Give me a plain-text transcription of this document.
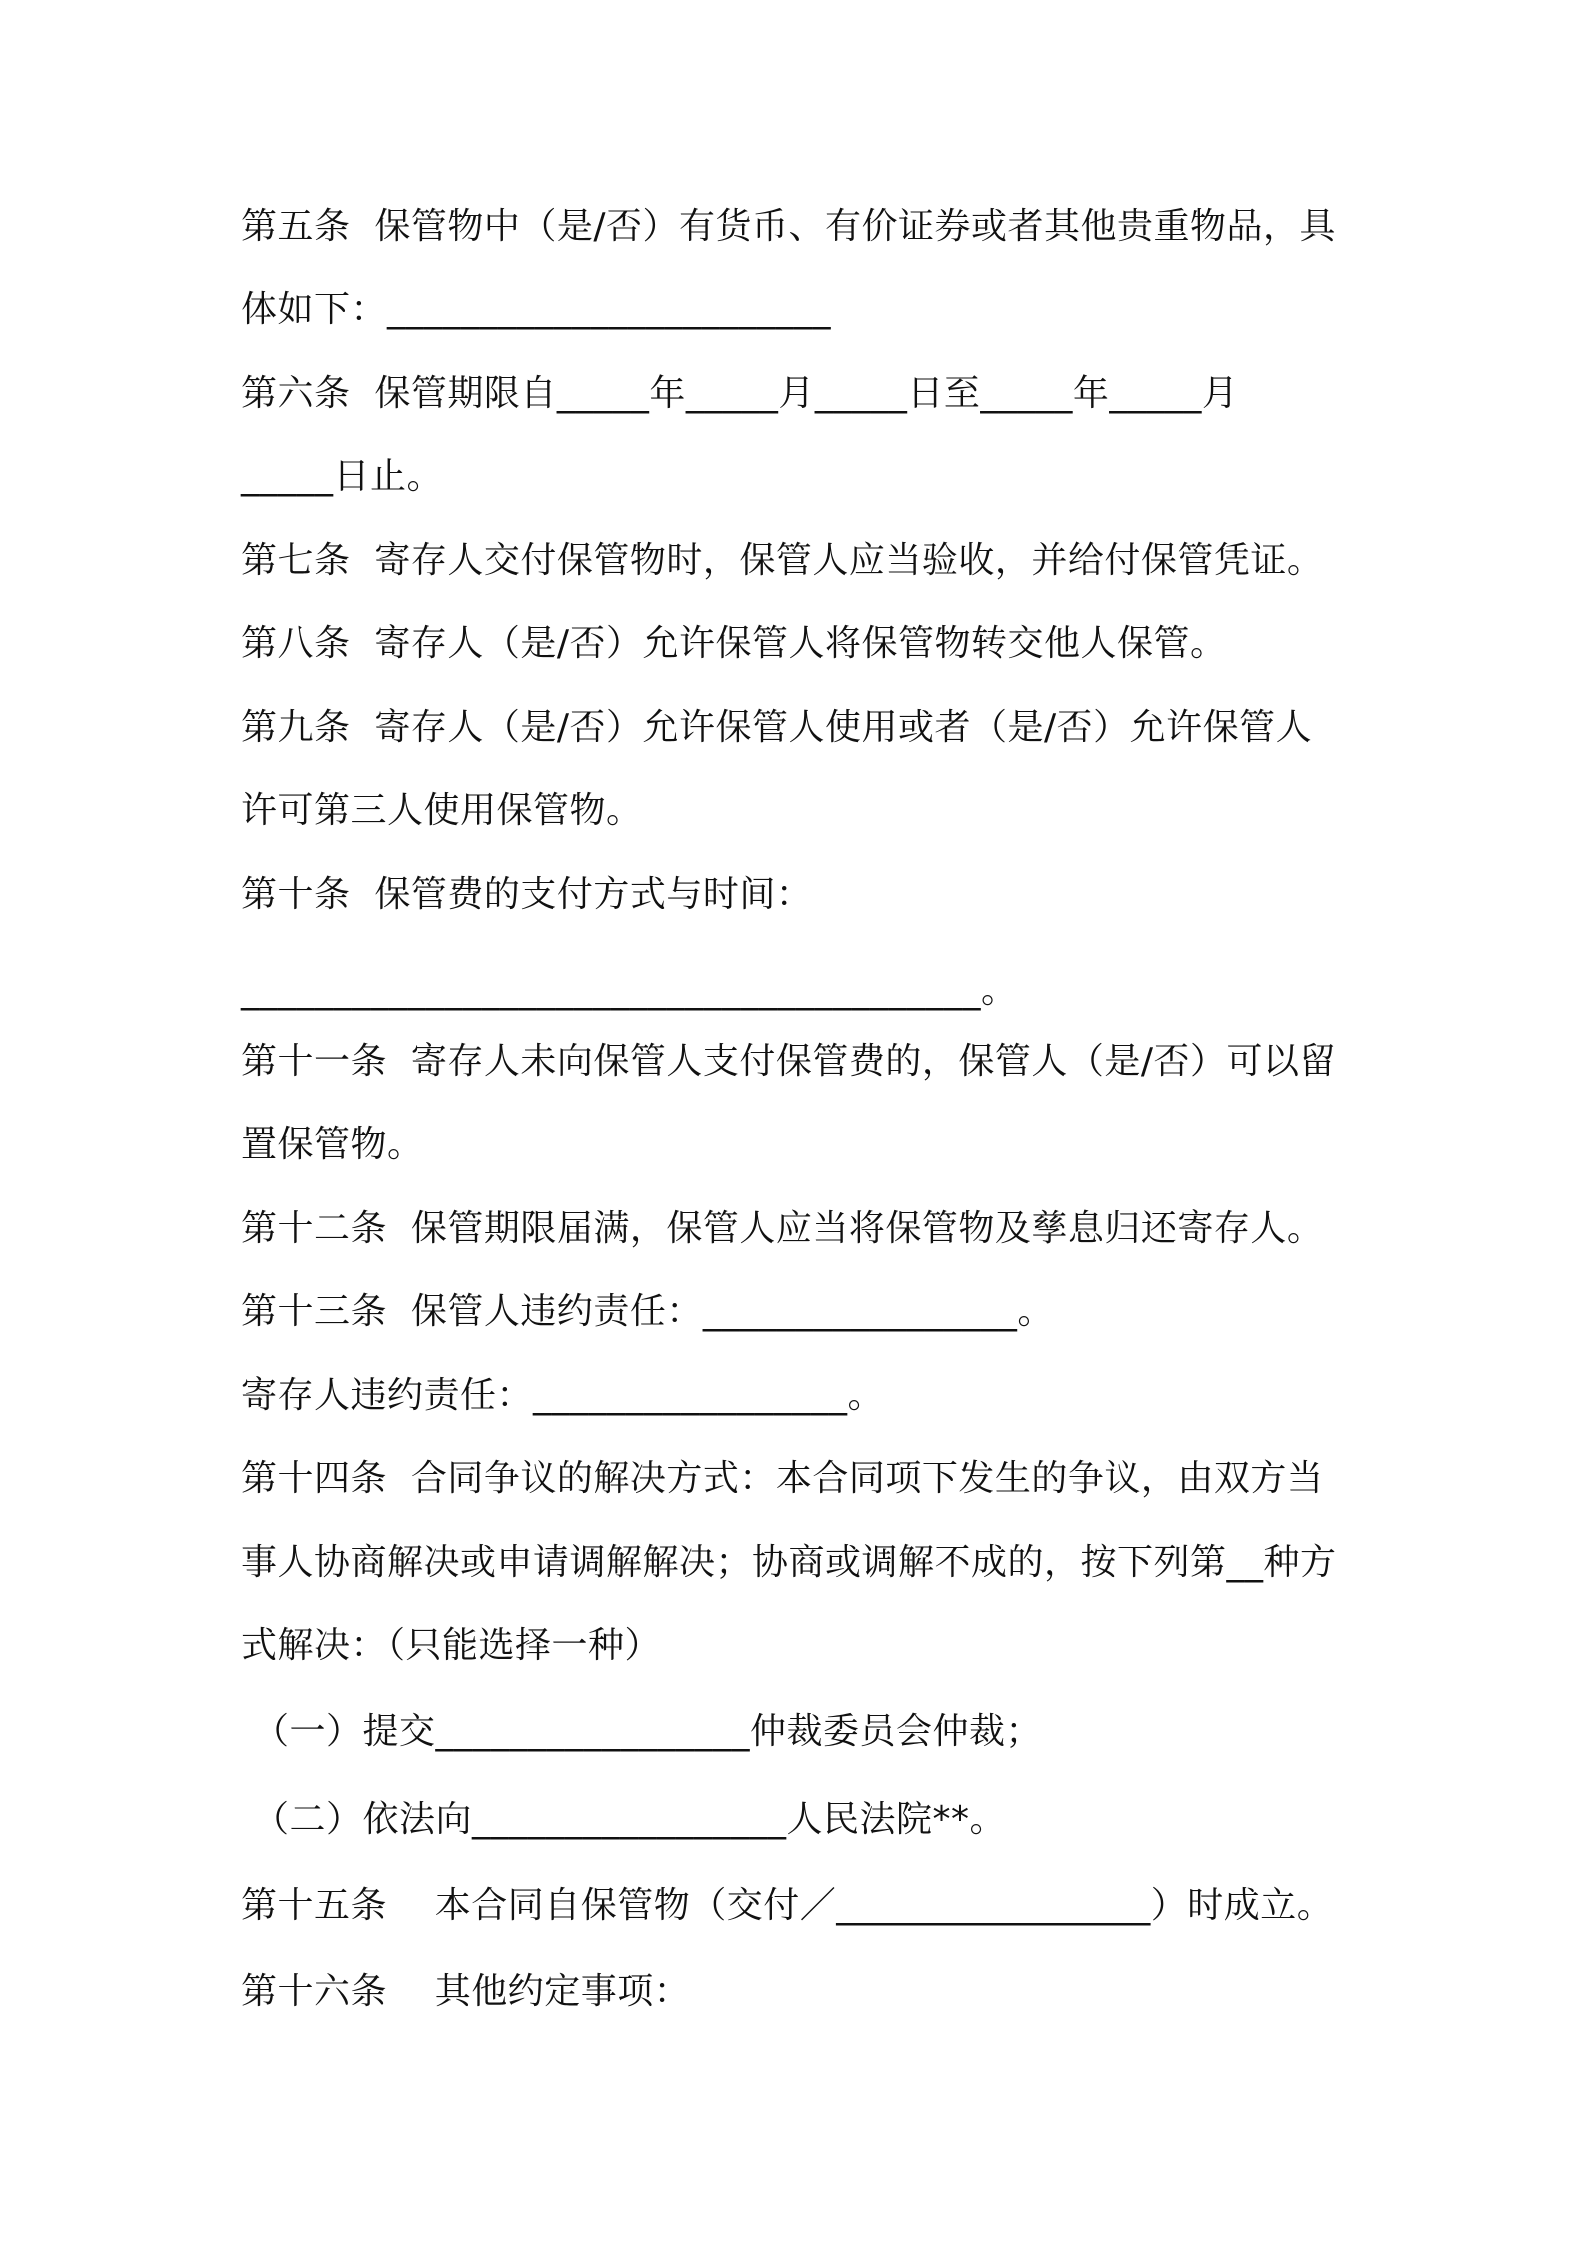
第五条  保管物中（是/否）有货币、有价证券或者其他贵重物品，具
体如下：________________________
第六条  保管期限自_____年_____月_____日至_____年_____月
_____日止。
第七条  寄存人交付保管物时，保管人应当验收，并给付保管凭证。
第八条  寄存人（是/否）允许保管人将保管物转交他人保管。
第九条  寄存人（是/否）允许保管人使用或者（是/否）允许保管人
许可第三人使用保管物。
第十条  保管费的支付方式与时间：
________________________________________。
第十一条  寄存人未向保管人支付保管费的，保管人（是/否）可以留
置保管物。
第十二条  保管期限届满，保管人应当将保管物及孳息归还寄存人。
第十三条  保管人违约责任：_________________。
寄存人违约责任：_________________。
第十四条  合同争议的解决方式：本合同项下发生的争议，由双方当
事人协商解决或申请调解解决；协商或调解不成的，按下列第__种方
式解决：（只能选择一种）
（一）提交_________________仲裁委员会仲裁；
（二）依法向_________________人民法院**。
第十五条    本合同自保管物（交付／_________________）时成立。
第十六条    其他约定事项：
